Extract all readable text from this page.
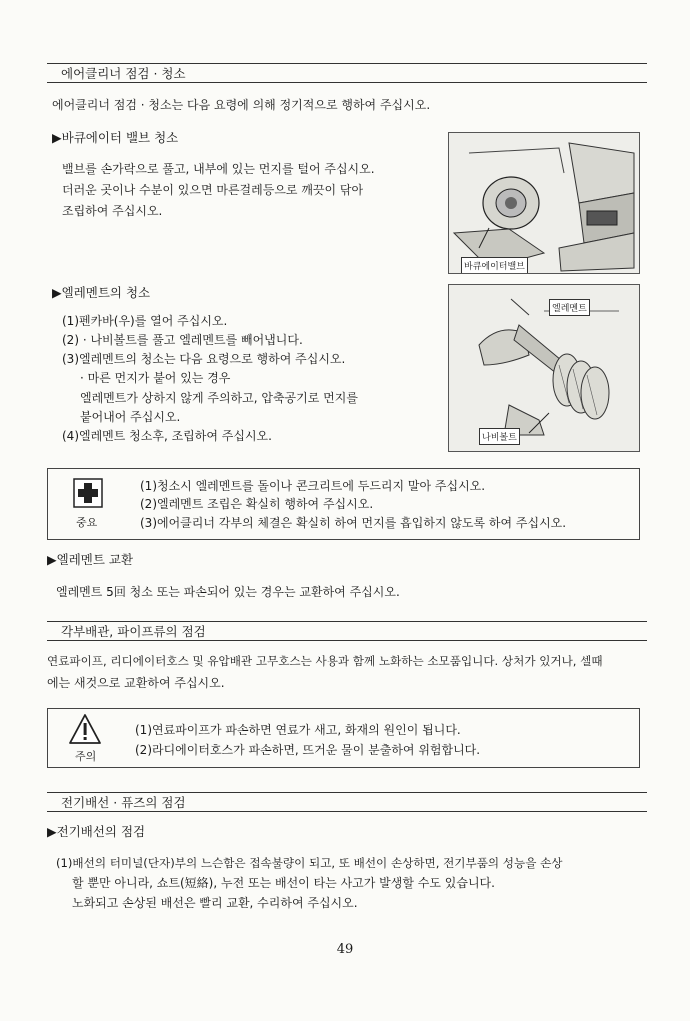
에어클리너 점검 · 청소
에어클리너 점검 · 청소는 다음 요령에 의해 정기적으로 행하여 주십시오.
▶바큐에이터 밸브 청소
밸브를 손가락으로 풀고, 내부에 있는 먼지를 털어 주십시오.
더러운 곳이나 수분이 있으면 마른걸레등으로 깨끗이 닦아
조립하여 주십시오.
바큐에이터밸브
▶엘레멘트의 청소
(1)펜카바(우)를 열어 주십시오.
(2) · 나비볼트를 풀고 엘레멘트를 빼어냅니다.
(3)엘레멘트의 청소는 다음 요령으로 행하여 주십시오.
· 마른 먼지가 붙어 있는 경우
엘레멘트가 상하지 않게 주의하고, 압축공기로 먼지를
붙어내어 주십시오.
(4)엘레멘트 청소후, 조립하여 주십시오.
엘레멘트
나비볼트
중요
(1)청소시 엘레멘트를 돌이나 콘크리트에 두드리지 말아 주십시오.
(2)엘레멘트 조립은 확실히 행하여 주십시오.
(3)에어클리너 각부의 체결은 확실히 하여 먼지를 흡입하지 않도록 하여 주십시오.
▶엘레멘트 교환
엘레멘트 5回 청소 또는 파손되어 있는 경우는 교환하여 주십시오.
각부배관, 파이프류의 점검
연료파이프, 리디에이터호스 및 유압배관 고무호스는 사용과 함께 노화하는 소모품입니다. 상처가 있거나, 셀때
에는 새것으로 교환하여 주십시오.
주의
(1)연료파이프가 파손하면 연료가 새고, 화재의 원인이 됩니다.
(2)라디에이터호스가 파손하면, 뜨거운 물이 분출하여 위험합니다.
전기배선 · 퓨즈의 점검
▶전기배선의 점검
(1)배선의 터미널(단자)부의 느슨함은 접속불량이 되고, 또 배선이 손상하면, 전기부품의 성능을 손상
할 뿐만 아니라, 쇼트(短絡), 누전 또는 배선이 타는 사고가 발생할 수도 있습니다.
노화되고 손상된 배선은 빨리 교환, 수리하여 주십시오.
49
